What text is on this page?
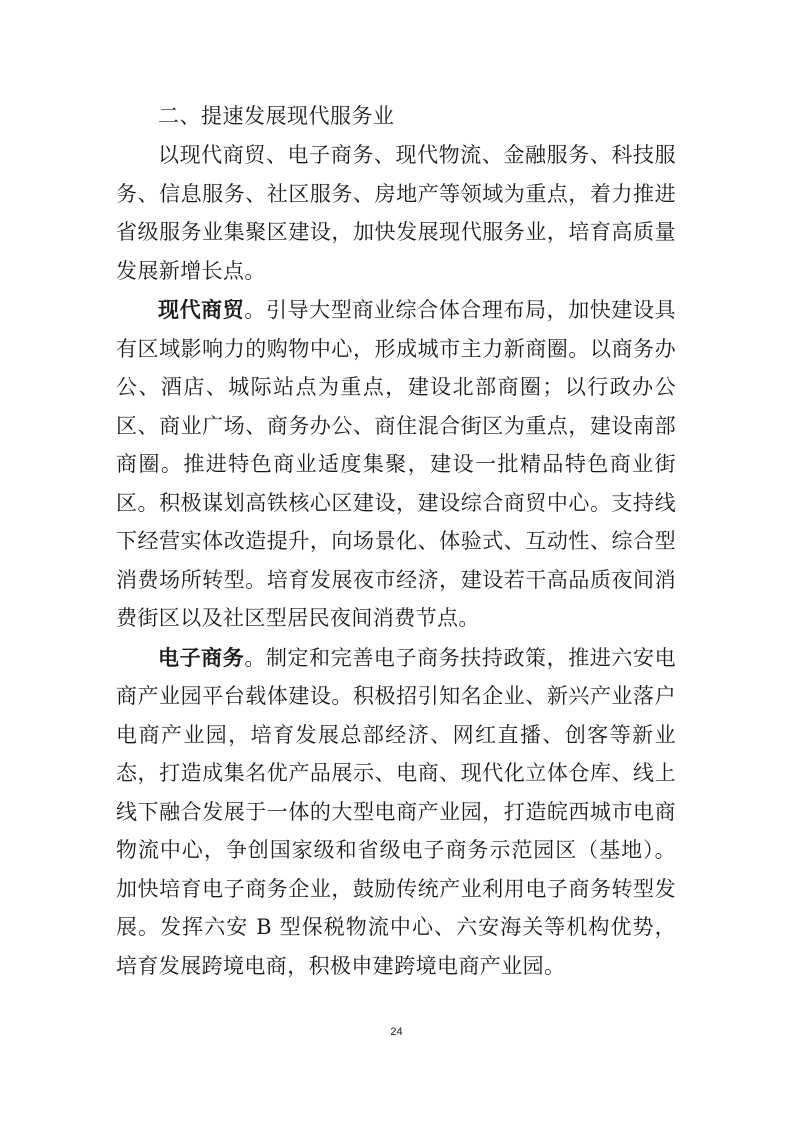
二、提速发展现代服务业

以现代商贸、电子商务、现代物流、金融服务、科技服务、信息服务、社区服务、房地产等领域为重点，着力推进省级服务业集聚区建设，加快发展现代服务业，培育高质量发展新增长点。

现代商贸。引导大型商业综合体合理布局，加快建设具有区域影响力的购物中心，形成城市主力新商圈。以商务办公、酒店、城际站点为重点，建设北部商圈；以行政办公区、商业广场、商务办公、商住混合街区为重点，建设南部商圈。推进特色商业适度集聚，建设一批精品特色商业街区。积极谋划高铁核心区建设，建设综合商贸中心。支持线下经营实体改造提升，向场景化、体验式、互动性、综合型消费场所转型。培育发展夜市经济，建设若干高品质夜间消费街区以及社区型居民夜间消费节点。

电子商务。制定和完善电子商务扶持政策，推进六安电商产业园平台载体建设。积极招引知名企业、新兴产业落户电商产业园，培育发展总部经济、网红直播、创客等新业态，打造成集名优产品展示、电商、现代化立体仓库、线上线下融合发展于一体的大型电商产业园，打造皖西城市电商物流中心，争创国家级和省级电子商务示范园区（基地）。加快培育电子商务企业，鼓励传统产业利用电子商务转型发展。发挥六安 B 型保税物流中心、六安海关等机构优势，培育发展跨境电商，积极申建跨境电商产业园。

24
